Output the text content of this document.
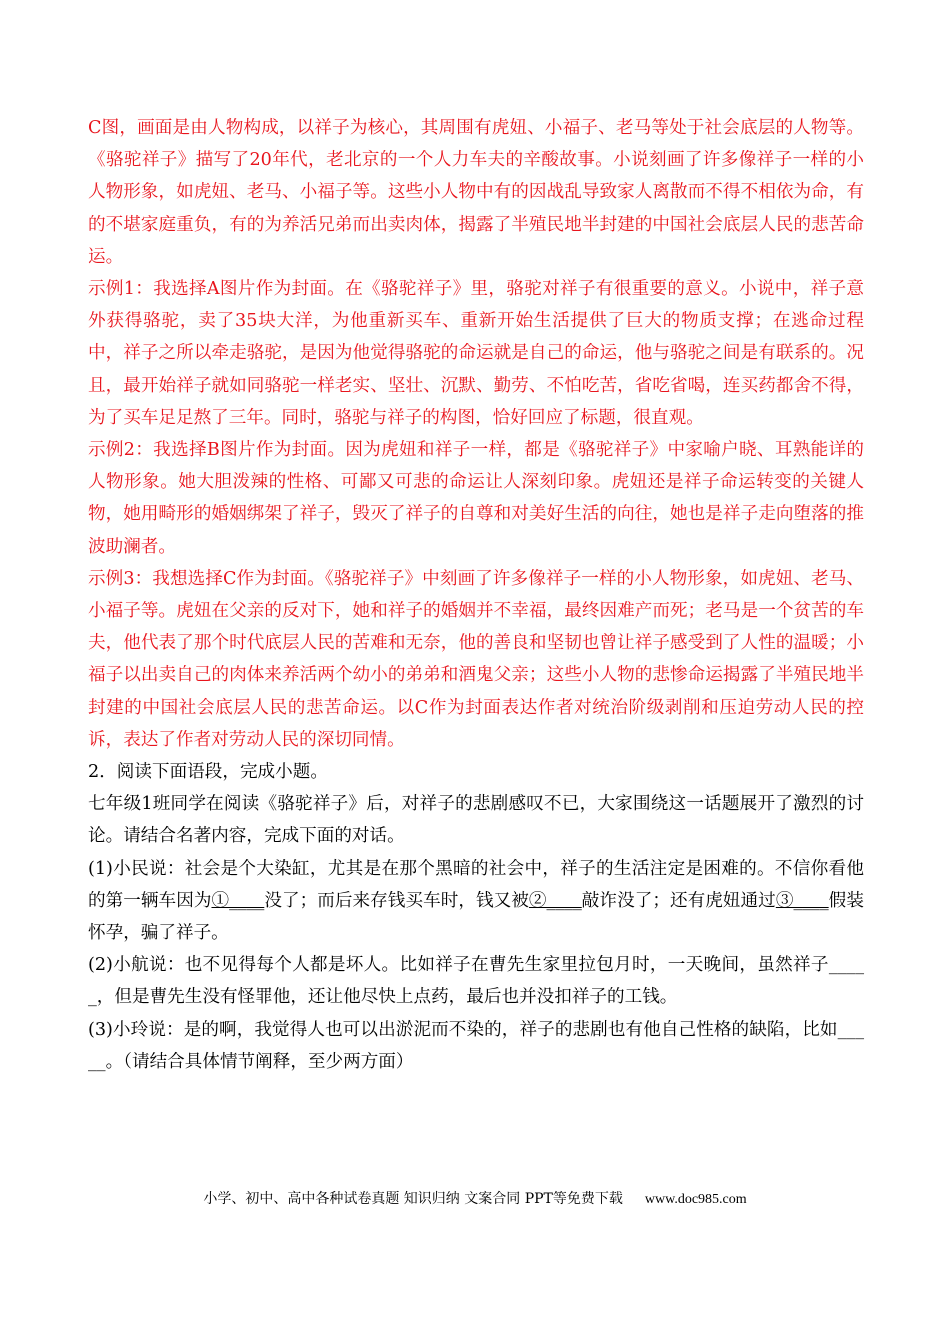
C图，画面是由人物构成，以祥子为核心，其周围有虎妞、小福子、老马等处于社会底层的人物等。《骆驼祥子》描写了20年代，老北京的一个人力车夫的辛酸故事。小说刻画了许多像祥子一样的小人物形象，如虎妞、老马、小福子等。这些小人物中有的因战乱导致家人离散而不得不相依为命，有的不堪家庭重负，有的为养活兄弟而出卖肉体，揭露了半殖民地半封建的中国社会底层人民的悲苦命运。

示例1：我选择A图片作为封面。在《骆驼祥子》里，骆驼对祥子有很重要的意义。小说中，祥子意外获得骆驼，卖了35块大洋，为他重新买车、重新开始生活提供了巨大的物质支撑；在逃命过程中，祥子之所以牵走骆驼，是因为他觉得骆驼的命运就是自己的命运，他与骆驼之间是有联系的。况且，最开始祥子就如同骆驼一样老实、坚壮、沉默、勤劳、不怕吃苦，省吃省喝，连买药都舍不得，为了买车足足熬了三年。同时，骆驼与祥子的构图，恰好回应了标题，很直观。

示例2：我选择B图片作为封面。因为虎妞和祥子一样，都是《骆驼祥子》中家喻户晓、耳熟能详的人物形象。她大胆泼辣的性格、可鄙又可悲的命运让人深刻印象。虎妞还是祥子命运转变的关键人物，她用畸形的婚姻绑架了祥子，毁灭了祥子的自尊和对美好生活的向往，她也是祥子走向堕落的推波助澜者。

示例3：我想选择C作为封面。《骆驼祥子》中刻画了许多像祥子一样的小人物形象，如虎妞、老马、小福子等。虎妞在父亲的反对下，她和祥子的婚姻并不幸福，最终因难产而死；老马是一个贫苦的车夫，他代表了那个时代底层人民的苦难和无奈，他的善良和坚韧也曾让祥子感受到了人性的温暖；小福子以出卖自己的肉体来养活两个幼小的弟弟和酒鬼父亲；这些小人物的悲惨命运揭露了半殖民地半封建的中国社会底层人民的悲苦命运。以C作为封面表达作者对统治阶级剥削和压迫劳动人民的控诉，表达了作者对劳动人民的深切同情。

2．阅读下面语段，完成小题。

七年级1班同学在阅读《骆驼祥子》后，对祥子的悲剧感叹不已，大家围绕这一话题展开了激烈的讨论。请结合名著内容，完成下面的对话。

(1)小民说：社会是个大染缸，尤其是在那个黑暗的社会中，祥子的生活注定是困难的。不信你看他的第一辆车因为①____没了；而后来存钱买车时，钱又被②____敲诈没了；还有虎妞通过③____假装怀孕，骗了祥子。

(2)小航说：也不见得每个人都是坏人。比如祥子在曹先生家里拉包月时，一天晚间，虽然祥子_____，但是曹先生没有怪罪他，还让他尽快上点药，最后也并没扣祥子的工钱。

(3)小玲说：是的啊，我觉得人也可以出淤泥而不染的，祥子的悲剧也有他自己性格的缺陷，比如_____。（请结合具体情节阐释，至少两方面）

小学、初中、高中各种试卷真题 知识归纳 文案合同 PPT等免费下载 www.doc985.com
